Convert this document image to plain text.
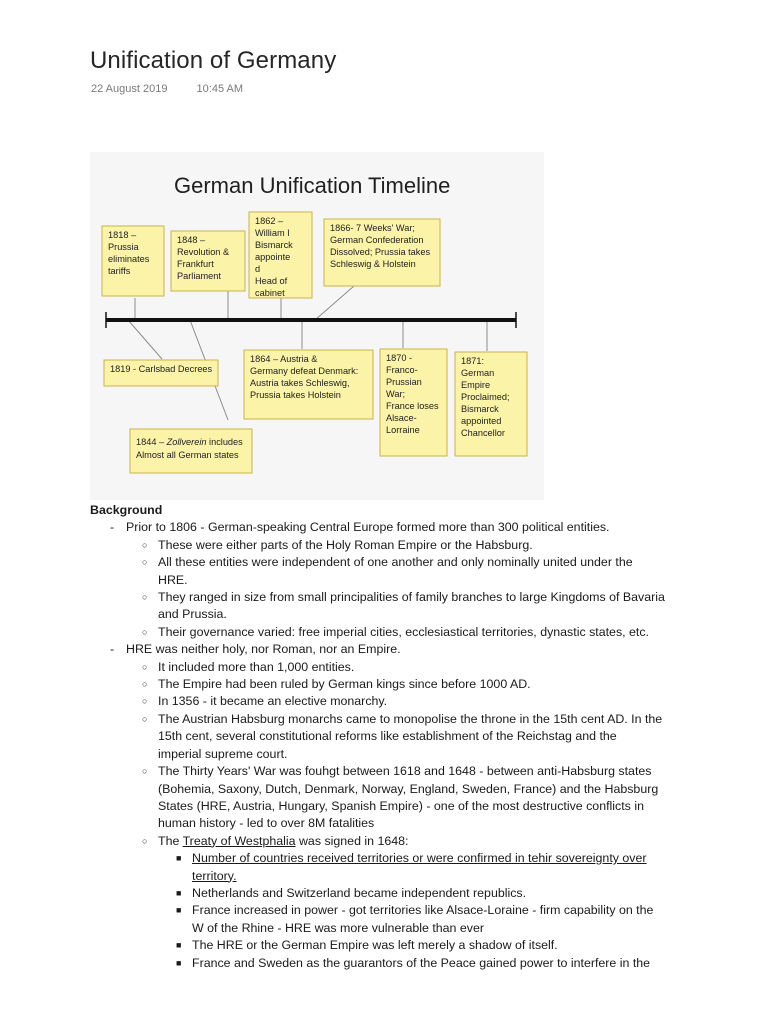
Unification of Germany
22 August 2019	10:45 AM
German Unification Timeline
1818 –
Prussia
eliminates
tariffs
1848 –
Revolution &
Frankfurt
Parliament
1862 –
William I
Bismarck
appointe
d
Head of
cabinet
1866- 7 Weeks' War;
German Confederation
Dissolved; Prussia takes
Schleswig & Holstein
1819 - Carlsbad Decrees
1864 – Austria &
Germany defeat Denmark:
Austria takes Schleswig,
Prussia takes Holstein
1870 -
Franco-
Prussian
War;
France loses
Alsace-
Lorraine
1871:
German
Empire
Proclaimed;
Bismarck
appointed
Chancellor
1844 – Zollverein includes
Almost all German states
Background
- Prior to 1806 - German-speaking Central Europe formed more than 300 political entities.
○ These were either parts of the Holy Roman Empire or the Habsburg.
○ All these entities were independent of one another and only nominally united under the
HRE.
○ They ranged in size from small principalities of family branches to large Kingdoms of Bavaria
and Prussia.
○ Their governance varied: free imperial cities, ecclesiastical territories, dynastic states, etc.
- HRE was neither holy, nor Roman, nor an Empire.
○ It included more than 1,000 entities.
○ The Empire had been ruled by German kings since before 1000 AD.
○ In 1356 - it became an elective monarchy.
○ The Austrian Habsburg monarchs came to monopolise the throne in the 15th cent AD. In the
15th cent, several constitutional reforms like establishment of the Reichstag and the
imperial supreme court.
○ The Thirty Years' War was fouhgt between 1618 and 1648 - between anti-Habsburg states
(Bohemia, Saxony, Dutch, Denmark, Norway, England, Sweden, France) and the Habsburg
States (HRE, Austria, Hungary, Spanish Empire) - one of the most destructive conflicts in
human history - led to over 8M fatalities
○ The Treaty of Westphalia was signed in 1648:
■ Number of countries received territories or were confirmed in tehir sovereignty over
territory.
■ Netherlands and Switzerland became independent republics.
■ France increased in power - got territories like Alsace-Loraine - firm capability on the
W of the Rhine - HRE was more vulnerable than ever
■ The HRE or the German Empire was left merely a shadow of itself.
■ France and Sweden as the guarantors of the Peace gained power to interfere in the
